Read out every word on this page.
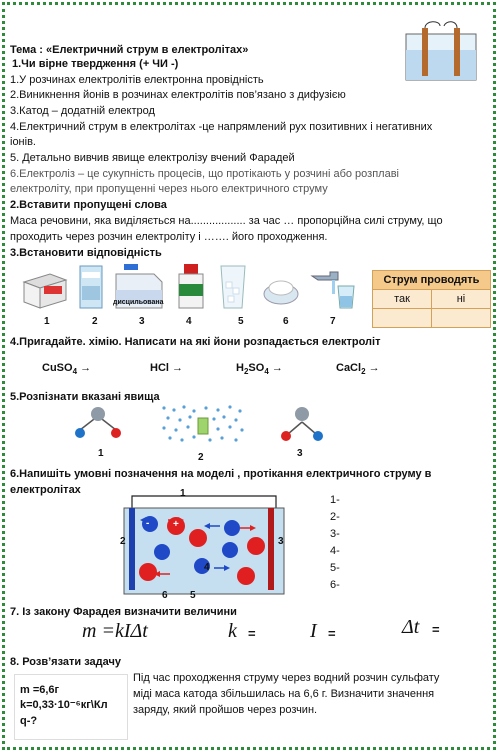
Тема : «Електричний струм в електролітах»
1.Чи вірне твердження (+ ЧИ -)
1.У розчинах електролітів електронна провідність
2.Виникнення йонів в розчинах електролітів пов’язано з дифузією
3.Катод – додатній електрод
4.Електричний струм в електролітах -це напрямлений рух позитивних і негативних
іонів.
5. Детально вивчив явище електролізу вчений Фарадей
6.Електроліз – це сукупність процесів, що протікають у розчині або розплаві
електроліту, при пропущенні через нього електричного струму
2.Вставити пропущені слова
Маса речовини, яка виділяється на.................. за час … пропорційна силі струму, що
проходить через розчин електроліту і ……. його проходження.
3.Встановити відповідність
дисцильована
1	2	3	4	5	6	7
Струм проводять	
так	ні

4.Пригадайте. хімію. Написати на які йони розпадається електроліт
CuSO$_4$ →	HCl →	$H_2SO_4$ →	CaCl$_2$ →
5.Розпізнати вказані явища
1	2	3
6.Напишіть умовні позначення на моделі , протікання електричного струму в
електролітах
- +
1
2	3
4
5
6
1-
2-
3-
4-
5-
6-
7. Із закону Фарадея визначити величини
m =kIΔt	k =	I =	Δt =
8. Розв’язати задачу
m =6,6г
k=0,33·10⁻⁶кг\Кл
q-?
Під час проходження струму через водний розчин сульфату
міді маса катода збільшилась на 6,6 г. Визначити значення
заряду, який пройшов через розчин.
